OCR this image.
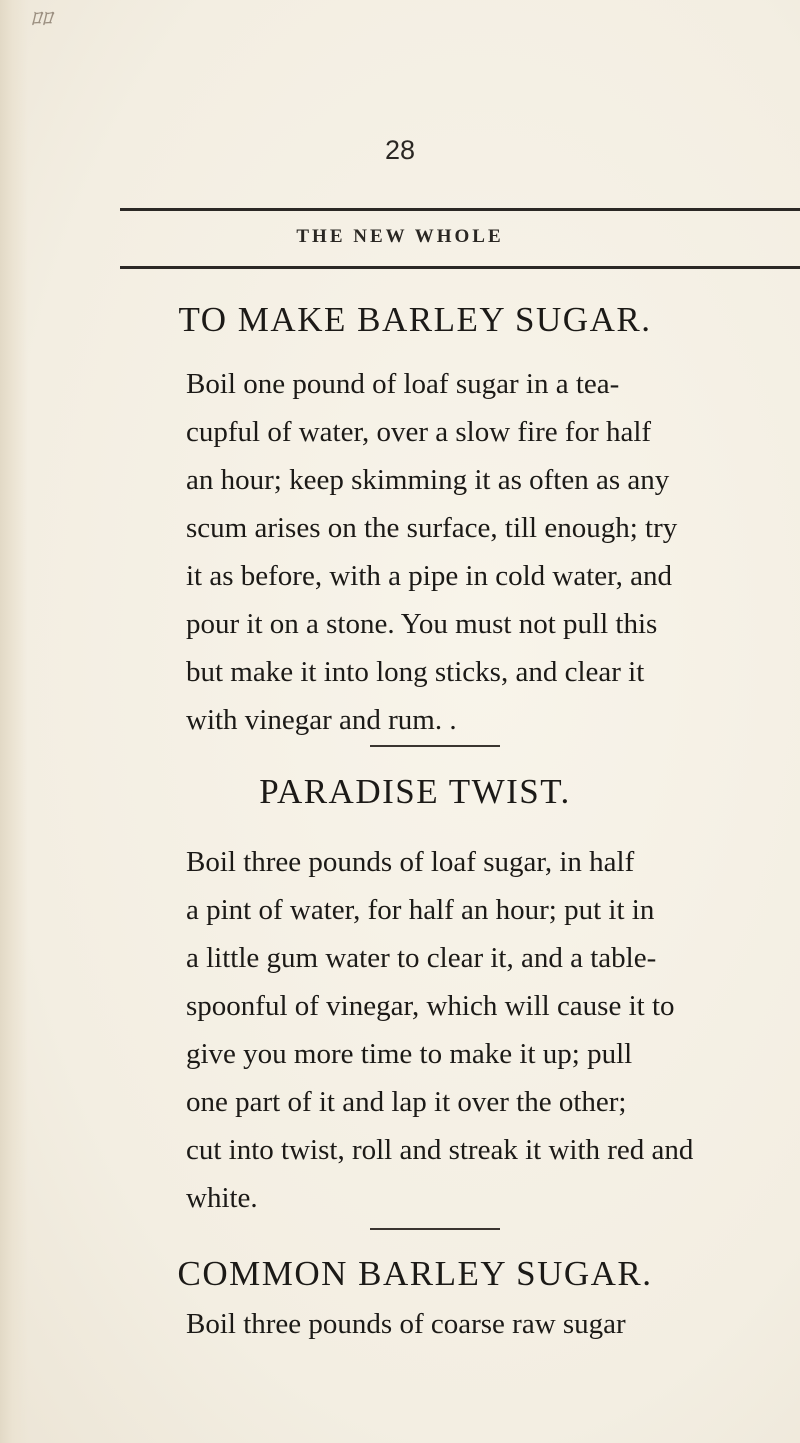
ﾛﾛ
28
THE NEW WHOLE
TO MAKE BARLEY SUGAR.
Boil one pound of loaf sugar in a tea-
cupful of water, over a slow fire for half
an hour; keep skimming it as often as any
scum arises on the surface, till enough; try
it as before, with a pipe in cold water, and
pour it on a stone. You must not pull this
but make it into long sticks, and clear it
with vinegar and rum. .
PARADISE TWIST.
Boil three pounds of loaf sugar, in half
a pint of water, for half an hour; put it in
a little gum water to clear it, and a table-
spoonful of vinegar, which will cause it to
give you more time to make it up; pull
one part of it and lap it over the other;
cut into twist, roll and streak it with red and
white.
COMMON BARLEY SUGAR.
Boil three pounds of coarse raw sugar
